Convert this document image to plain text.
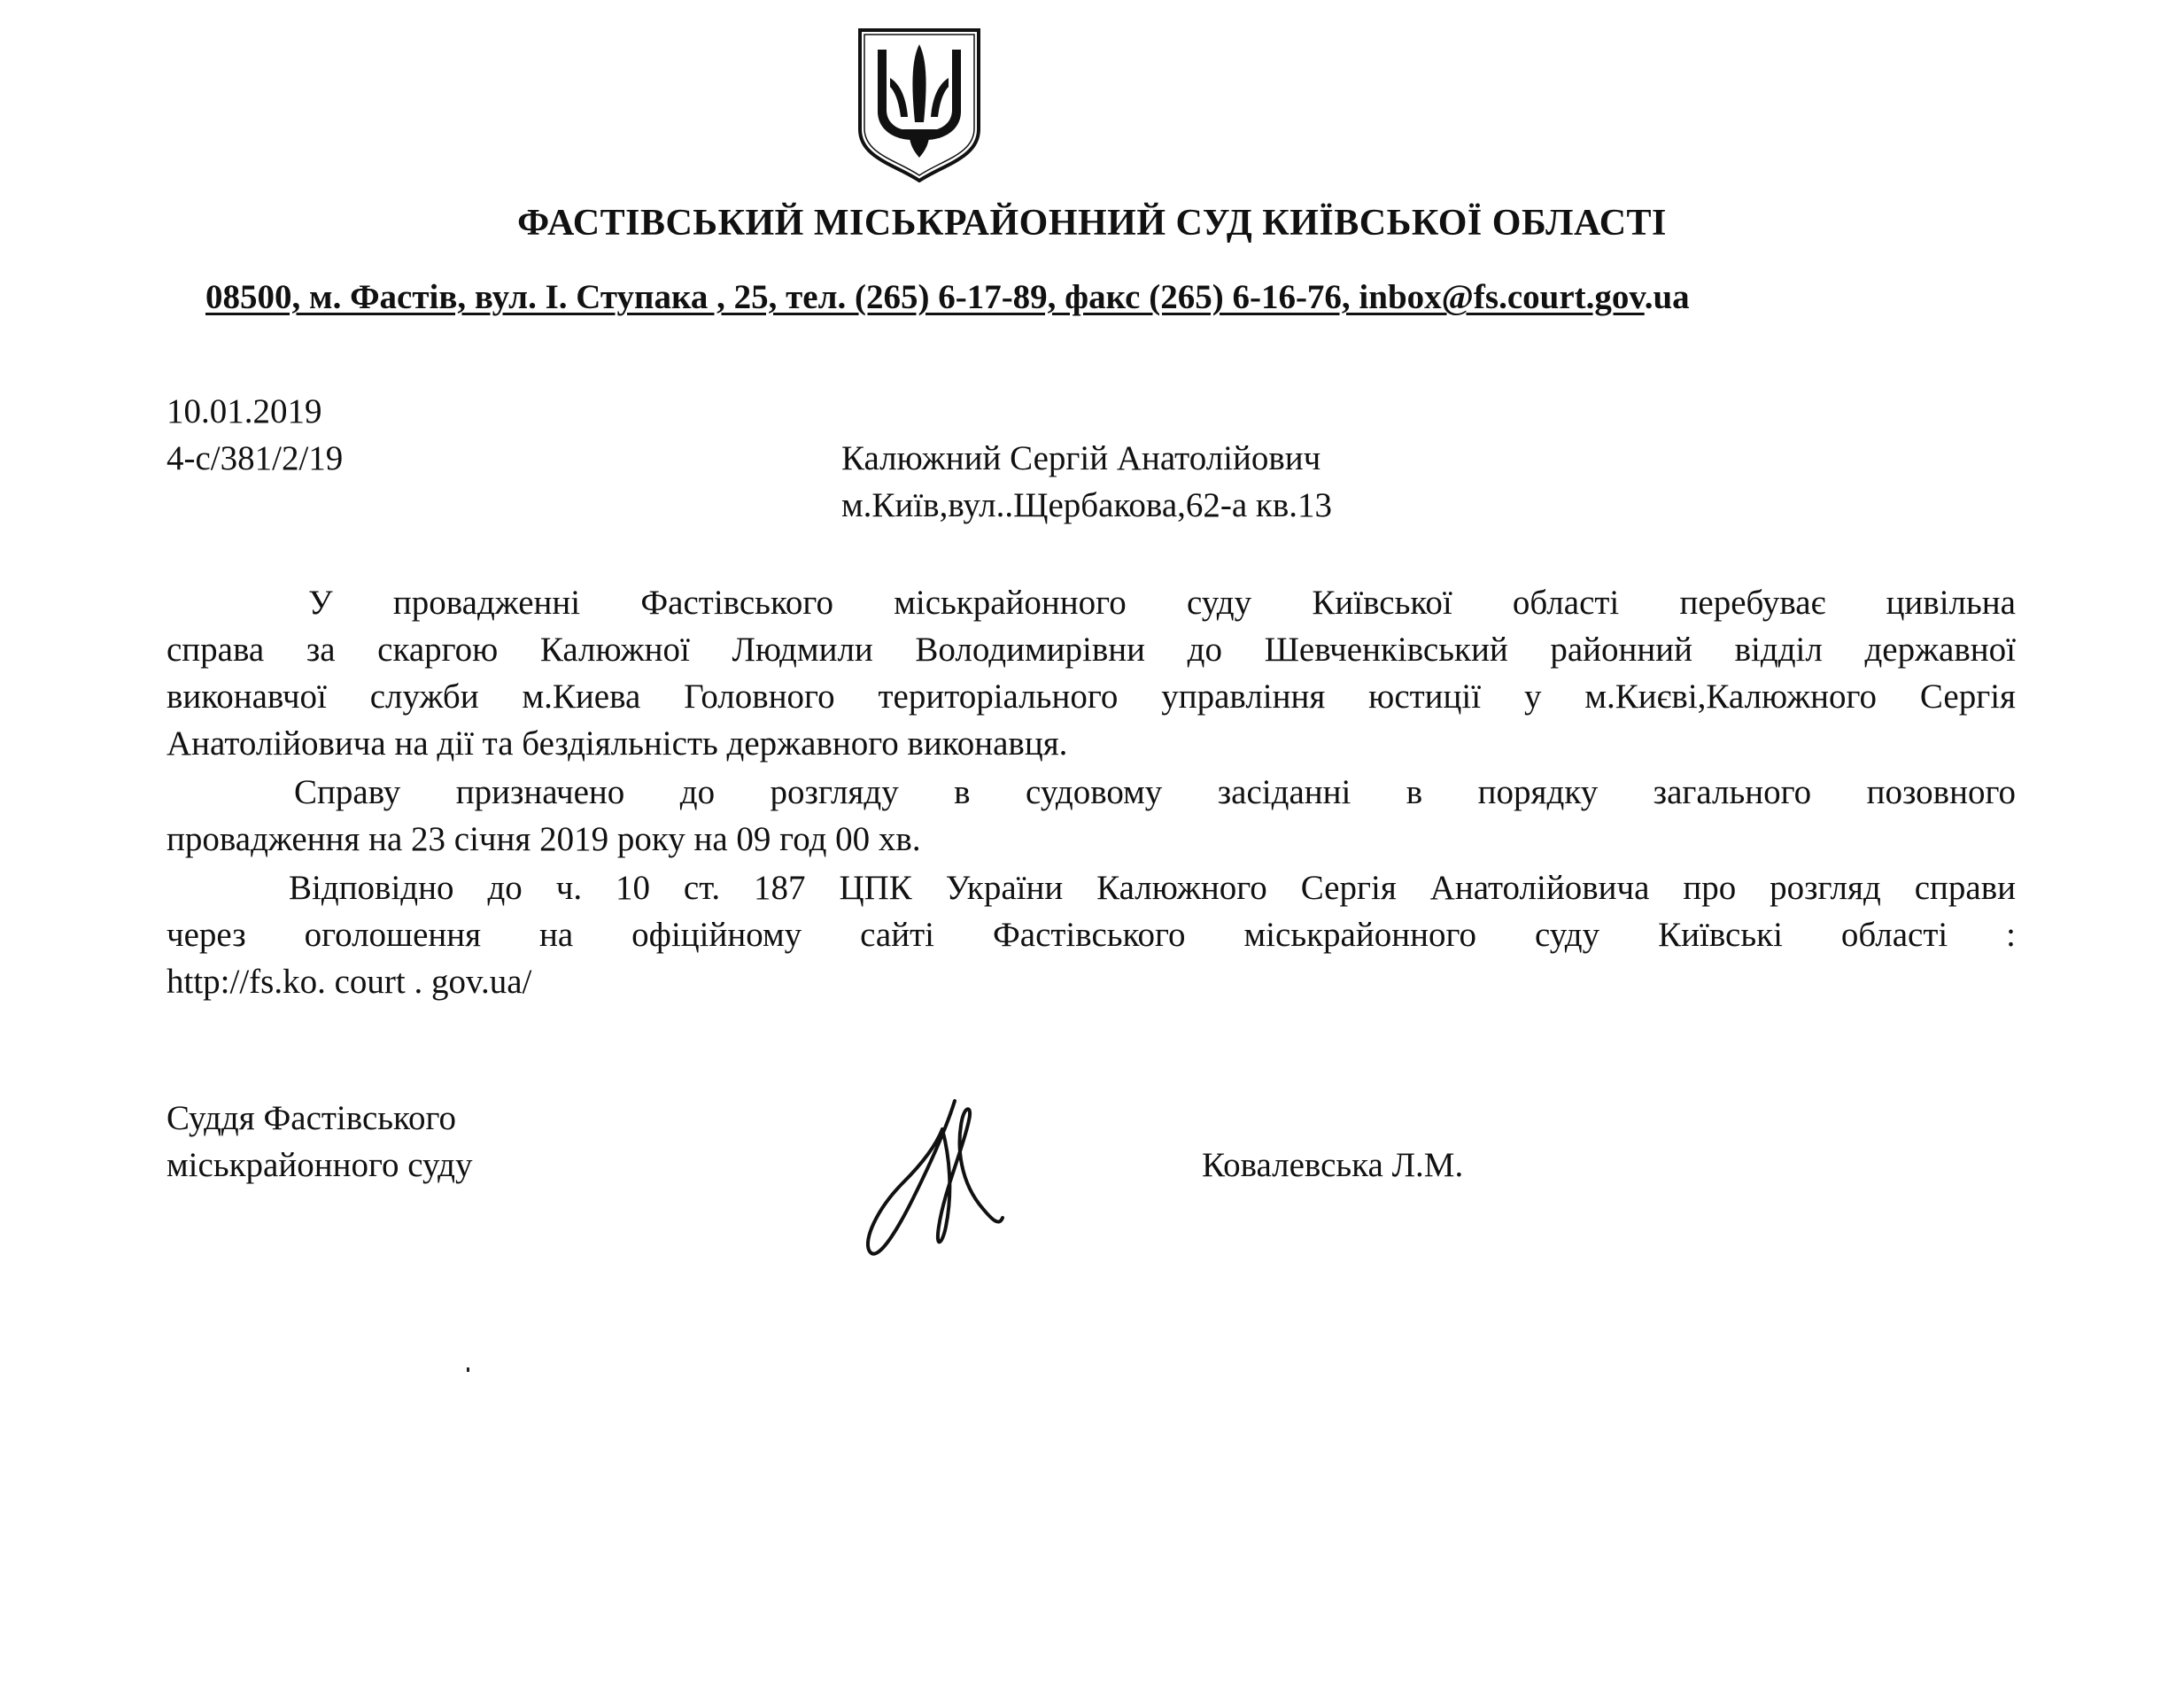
ФАСТІВСЬКИЙ МІСЬКРАЙОННИЙ СУД КИЇВСЬКОЇ ОБЛАСТІ
08500, м. Фастів, вул. І. Ступака , 25, тел. (265) 6-17-89, факс (265) 6-16-76, inbox@fs.court.gov.ua
10.01.2019
4-с/381/2/19	Калюжний Сергій Анатолійович
м.Київ,вул..Щербакова,62-а кв.13
У провадженні Фастівського міськрайонного суду Київської області перебуває цивільна
справа за скаргою Калюжної Людмили Володимирівни до Шевченківський районний відділ державної
виконавчої служби м.Киева Головного територіального управління юстиції у м.Києві,Калюжного Сергія
Анатолійовича на дії та бездіяльність державного виконавця.
Справу призначено до розгляду в судовому засіданні в порядку загального позовного
провадження на 23 січня 2019 року на 09 год 00 хв.
Відповідно до ч. 10 ст. 187 ЦПК України Калюжного Сергія Анатолійовича про розгляд справи
через оголошення на офіційному сайті Фастівського міськрайонного суду Київські області :
http://fs.ko. court . gov.ua/
Суддя Фастівського
міськрайонного суду	Ковалевська Л.М.
